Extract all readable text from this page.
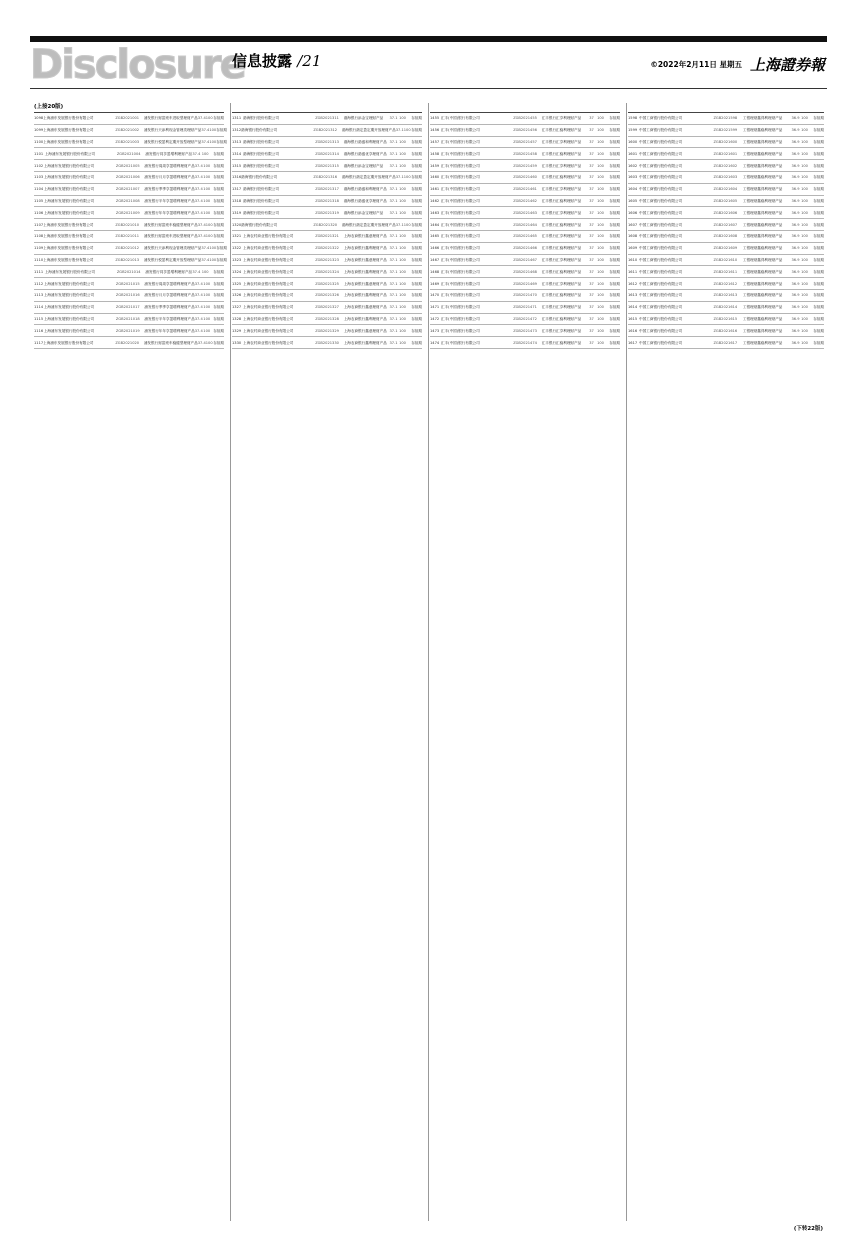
Disclosure
信息披露 /21	©2022年2月11日 星期五 上海證券報
(上接20版)
1098 上海浦东发展银行股份有限公司	ZGB2021001	浦发银行财富班车进取型理财产品 37.4 100 存续期
1099 上海浦东发展银行股份有限公司	ZGB2021002	浦发银行天添利现金管理类理财产品 37.4 100 存续期
1100 上海浦东发展银行股份有限公司	ZGB2021003	浦发银行悦盈利定期开放型理财产品 37.4 100 存续期
1101 上海浦东发展银行股份有限公司	ZGB2021004	浦发银行同享盈增利理财产品 37.4 100	存续期
1102 上海浦东发展银行股份有限公司	ZGB2021005	浦发银行周周享盈增利理财产品 37.4 100 存续期
1103 上海浦东发展银行股份有限公司	ZGB2021006	浦发银行月月享盈增利理财产品 37.4 100 存续期
1104 上海浦东发展银行股份有限公司	ZGB2021007	浦发银行季季享盈增利理财产品 37.4 100 存续期
1105 上海浦东发展银行股份有限公司	ZGB2021008	浦发银行半年享盈增利理财产品 37.4 100 存续期
1106 上海浦东发展银行股份有限公司	ZGB2021009	浦发银行年年享盈增利理财产品 37.4 100 存续期
1107 上海浦东发展银行股份有限公司	ZGB2021010	浦发银行财富班车稳健型理财产品 37.4 100 存续期
1108 上海浦东发展银行股份有限公司	ZGB2021011	浦发银行财富班车进取型理财产品 37.4 100 存续期
1109 上海浦东发展银行股份有限公司	ZGB2021012	浦发银行天添利现金管理类理财产品 37.4 100 存续期
1110 上海浦东发展银行股份有限公司	ZGB2021013	浦发银行悦盈利定期开放型理财产品 37.4 100 存续期
1111 上海浦东发展银行股份有限公司	ZGB2021014	浦发银行同享盈增利理财产品 37.4 100	存续期
1112 上海浦东发展银行股份有限公司	ZGB2021015	浦发银行周周享盈增利理财产品 37.4 100 存续期
1113 上海浦东发展银行股份有限公司	ZGB2021016	浦发银行月月享盈增利理财产品 37.4 100 存续期
1114 上海浦东发展银行股份有限公司	ZGB2021017	浦发银行季季享盈增利理财产品 37.4 100 存续期
1115 上海浦东发展银行股份有限公司	ZGB2021018	浦发银行半年享盈增利理财产品 37.4 100 存续期
1116 上海浦东发展银行股份有限公司	ZGB2021019	浦发银行年年享盈增利理财产品 37.4 100 存续期
1117 上海浦东发展银行股份有限公司	ZGB2021020	浦发银行财富班车稳健型理财产品 37.4 100 存续期
1311 渤海银行股份有限公司	ZGB2021311	渤海银行添金宝理财产品	37.1 100	存续期
1312 渤海银行股份有限公司	ZGB2021312	渤海银行渤定盈定期开放理财产品 37.1 100 存续期
1313 渤海银行股份有限公司	ZGB2021313	渤海银行渤盛和利理财产品 37.1 100	存续期
1314 渤海银行股份有限公司	ZGB2021314	渤海银行渤盛优享理财产品 37.1 100	存续期
1315 渤海银行股份有限公司	ZGB2021315	渤海银行添金宝理财产品	37.1 100	存续期
1316 渤海银行股份有限公司	ZGB2021316	渤海银行渤定盈定期开放理财产品 37.1 100 存续期
1317 渤海银行股份有限公司	ZGB2021317	渤海银行渤盛和利理财产品 37.1 100	存续期
1318 渤海银行股份有限公司	ZGB2021318	渤海银行渤盛优享理财产品 37.1 100	存续期
1319 渤海银行股份有限公司	ZGB2021319	渤海银行添金宝理财产品	37.1 100	存续期
1320 渤海银行股份有限公司	ZGB2021320	渤海银行渤定盈定期开放理财产品 37.1 100 存续期
1321 上海农村商业银行股份有限公司	ZGB2021321	上海农商银行鑫意理财产品 37.1 100	存续期
1322 上海农村商业银行股份有限公司	ZGB2021322	上海农商银行鑫利理财产品 37.1 100	存续期
1323 上海农村商业银行股份有限公司	ZGB2021323	上海农商银行鑫意理财产品 37.1 100	存续期
1324 上海农村商业银行股份有限公司	ZGB2021324	上海农商银行鑫利理财产品 37.1 100	存续期
1325 上海农村商业银行股份有限公司	ZGB2021325	上海农商银行鑫意理财产品 37.1 100	存续期
1326 上海农村商业银行股份有限公司	ZGB2021326	上海农商银行鑫利理财产品 37.1 100	存续期
1327 上海农村商业银行股份有限公司	ZGB2021327	上海农商银行鑫意理财产品 37.1 100	存续期
1328 上海农村商业银行股份有限公司	ZGB2021328	上海农商银行鑫利理财产品 37.1 100	存续期
1329 上海农村商业银行股份有限公司	ZGB2021329	上海农商银行鑫意理财产品 37.1 100	存续期
1330 上海农村商业银行股份有限公司	ZGB2021330	上海农商银行鑫利理财产品 37.1 100	存续期
1455 汇丰(中国)银行有限公司	ZGB2021455	汇丰银行汇享利理财产品	37 100	存续期
1456 汇丰(中国)银行有限公司	ZGB2021456	汇丰银行汇稳利理财产品	37 100	存续期
1457 汇丰(中国)银行有限公司	ZGB2021457	汇丰银行汇享利理财产品	37 100	存续期
1458 汇丰(中国)银行有限公司	ZGB2021458	汇丰银行汇稳利理财产品	37 100	存续期
1459 汇丰(中国)银行有限公司	ZGB2021459	汇丰银行汇享利理财产品	37 100	存续期
1460 汇丰(中国)银行有限公司	ZGB2021460	汇丰银行汇稳利理财产品	37 100	存续期
1461 汇丰(中国)银行有限公司	ZGB2021461	汇丰银行汇享利理财产品	37 100	存续期
1462 汇丰(中国)银行有限公司	ZGB2021462	汇丰银行汇稳利理财产品	37 100	存续期
1463 汇丰(中国)银行有限公司	ZGB2021463	汇丰银行汇享利理财产品	37 100	存续期
1464 汇丰(中国)银行有限公司	ZGB2021464	汇丰银行汇稳利理财产品	37 100	存续期
1465 汇丰(中国)银行有限公司	ZGB2021465	汇丰银行汇享利理财产品	37 100	存续期
1466 汇丰(中国)银行有限公司	ZGB2021466	汇丰银行汇稳利理财产品	37 100	存续期
1467 汇丰(中国)银行有限公司	ZGB2021467	汇丰银行汇享利理财产品	37 100	存续期
1468 汇丰(中国)银行有限公司	ZGB2021468	汇丰银行汇稳利理财产品	37 100	存续期
1469 汇丰(中国)银行有限公司	ZGB2021469	汇丰银行汇享利理财产品	37 100	存续期
1470 汇丰(中国)银行有限公司	ZGB2021470	汇丰银行汇稳利理财产品	37 100	存续期
1471 汇丰(中国)银行有限公司	ZGB2021471	汇丰银行汇享利理财产品	37 100	存续期
1472 汇丰(中国)银行有限公司	ZGB2021472	汇丰银行汇稳利理财产品	37 100	存续期
1473 汇丰(中国)银行有限公司	ZGB2021473	汇丰银行汇享利理财产品	37 100	存续期
1474 汇丰(中国)银行有限公司	ZGB2021474	汇丰银行汇稳利理财产品	37 100	存续期
1598 中国工商银行股份有限公司	ZGB2021598	工银理财鑫得利理财产品	36.9 100	存续期
1599 中国工商银行股份有限公司	ZGB2021599	工银理财鑫稳利理财产品	36.9 100	存续期
1600 中国工商银行股份有限公司	ZGB2021600	工银理财鑫得利理财产品	36.9 100	存续期
1601 中国工商银行股份有限公司	ZGB2021601	工银理财鑫稳利理财产品	36.9 100	存续期
1602 中国工商银行股份有限公司	ZGB2021602	工银理财鑫得利理财产品	36.9 100	存续期
1603 中国工商银行股份有限公司	ZGB2021603	工银理财鑫稳利理财产品	36.9 100	存续期
1604 中国工商银行股份有限公司	ZGB2021604	工银理财鑫得利理财产品	36.9 100	存续期
1605 中国工商银行股份有限公司	ZGB2021605	工银理财鑫稳利理财产品	36.9 100	存续期
1606 中国工商银行股份有限公司	ZGB2021606	工银理财鑫得利理财产品	36.9 100	存续期
1607 中国工商银行股份有限公司	ZGB2021607	工银理财鑫稳利理财产品	36.9 100	存续期
1608 中国工商银行股份有限公司	ZGB2021608	工银理财鑫得利理财产品	36.9 100	存续期
1609 中国工商银行股份有限公司	ZGB2021609	工银理财鑫稳利理财产品	36.9 100	存续期
1610 中国工商银行股份有限公司	ZGB2021610	工银理财鑫得利理财产品	36.9 100	存续期
1611 中国工商银行股份有限公司	ZGB2021611	工银理财鑫稳利理财产品	36.9 100	存续期
1612 中国工商银行股份有限公司	ZGB2021612	工银理财鑫得利理财产品	36.9 100	存续期
1613 中国工商银行股份有限公司	ZGB2021613	工银理财鑫稳利理财产品	36.9 100	存续期
1614 中国工商银行股份有限公司	ZGB2021614	工银理财鑫得利理财产品	36.9 100	存续期
1615 中国工商银行股份有限公司	ZGB2021615	工银理财鑫稳利理财产品	36.9 100	存续期
1616 中国工商银行股份有限公司	ZGB2021616	工银理财鑫得利理财产品	36.9 100	存续期
1617 中国工商银行股份有限公司	ZGB2021617	工银理财鑫稳利理财产品	36.9 100	存续期
(下转22版)
